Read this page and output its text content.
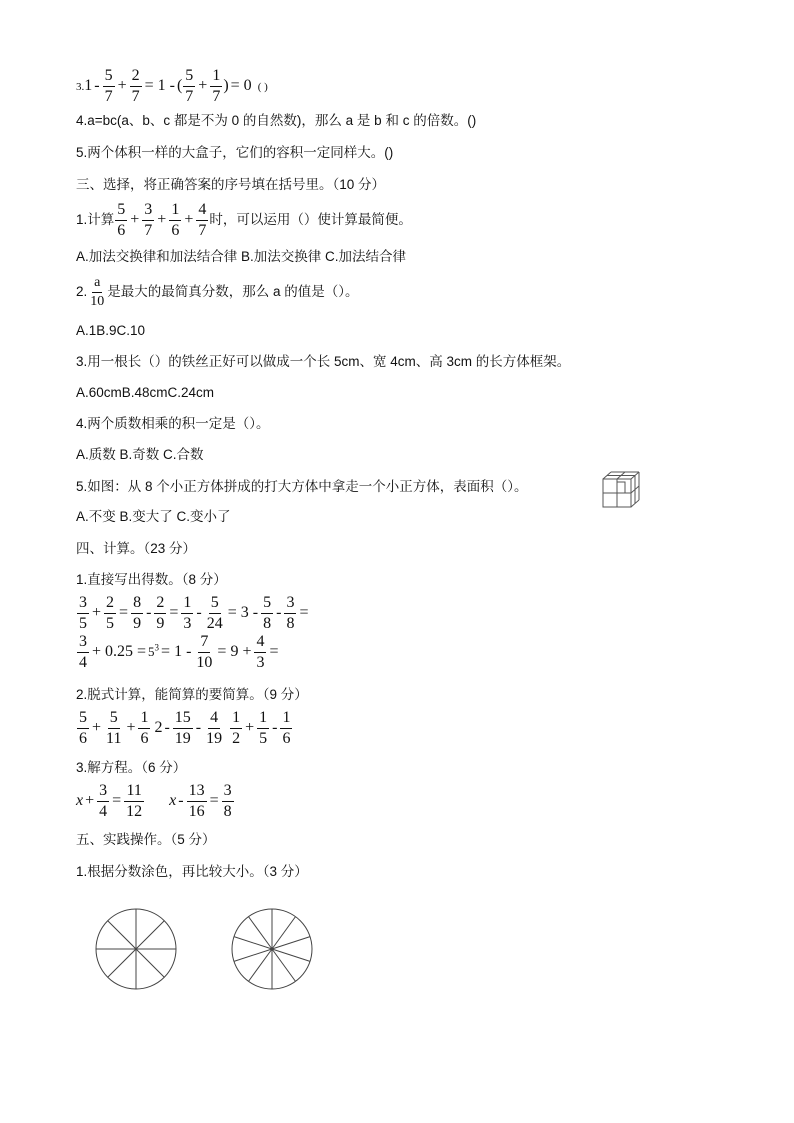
$3.1 - \frac{5}{7} + \frac{2}{7} = 1$ - ( $\frac{5}{7} + \frac{1}{7}$ ) = 0 ( )
4.a=bc(a、b、c 都是不为 0 的自然数)，那么 a 是 b 和 c 的倍数。()
5.两个体积一样的大盒子，它们的容积一定同样大。()
三、选择，将正确答案的序号填在括号里。（10 分）
1.计算 $\frac{5}{6} + \frac{3}{7} + \frac{1}{6} + \frac{4}{7}$ 时，可以运用（）使计算最简便。
A.加法交换律和加法结合律 B.加法交换律 C.加法结合律
2. $\frac{a}{10}$ 是最大的最简真分数，那么 a 的值是（）。
A.1B.9C.10
3.用一根长（）的铁丝正好可以做成一个长 5cm、宽 4cm、高 3cm 的长方体框架。
A.60cmB.48cmC.24cm
4.两个质数相乘的积一定是（）。
A.质数 B.奇数 C.合数
5.如图：从 8 个小正方体拼成的打大方体中拿走一个小正方体，表面积（）。
A.不变 B.变大了 C.变小了
四、计算。（23 分）
1.直接写出得数。（8 分）
$\frac{3}{5} + \frac{2}{5} = \frac{8}{9} - \frac{2}{9} = \frac{1}{3} - \frac{5}{24} = 3 - \frac{5}{8} - \frac{3}{8}$ =
$\frac{3}{4} + 0.25 = 5^3 = 1 - \frac{7}{10} = 9 + \frac{4}{3}$ =
2.脱式计算，能简算的要简算。（9 分）
$\frac{5}{6} + \frac{5}{11} + \frac{1}{6} 2 - \frac{15}{19} - \frac{4}{19} \frac{1}{2} + \frac{1}{5} - \frac{1}{6}$
3.解方程。（6 分）
$x + \frac{3}{4} = \frac{11}{12}$ $x - \frac{13}{16} = \frac{3}{8}$
五、实践操作。（5 分）
1.根据分数涂色，再比较大小。（3 分）
